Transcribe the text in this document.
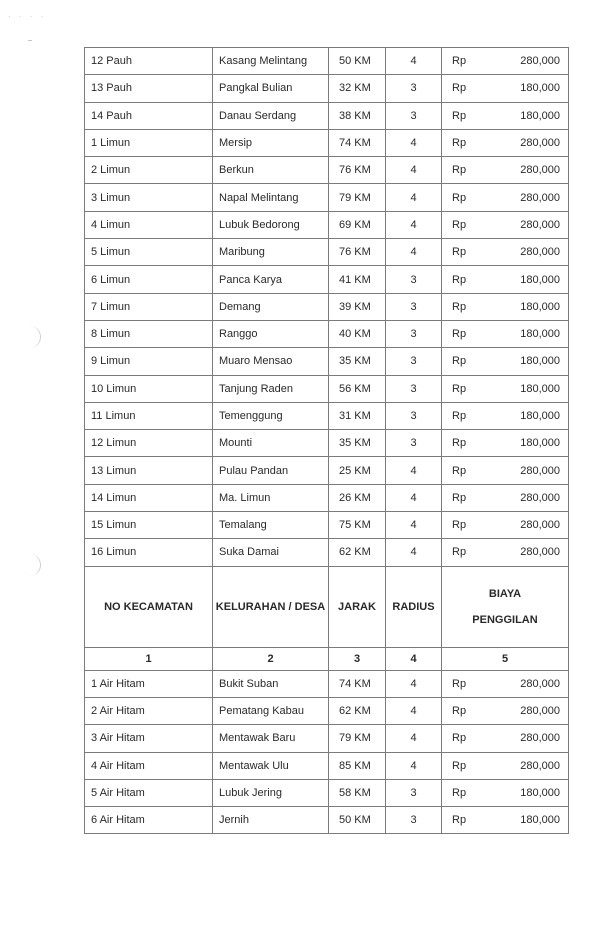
· · · ·
12 Pauh	Kasang Melintang	50 KM	4	Rp 280,000

13 Pauh	Pangkal Bulian	32 KM	3	Rp 180,000

14 Pauh	Danau Serdang	38 KM	3	Rp 180,000

1 Limun	Mersip	74 KM	4	Rp 280,000

2 Limun	Berkun	76 KM	4	Rp 280,000

3 Limun	Napal Melintang	79 KM	4	Rp 280,000

4 Limun	Lubuk Bedorong	69 KM	4	Rp 280,000

5 Limun	Maribung	76 KM	4	Rp 280,000

6 Limun	Panca Karya	41 KM	3	Rp 180,000

7 Limun	Demang	39 KM	3	Rp 180,000

8 Limun	Ranggo	40 KM	3	Rp 180,000

9 Limun	Muaro Mensao	35 KM	3	Rp 180,000

10 Limun	Tanjung Raden	56 KM	3	Rp 180,000

11 Limun	Temenggung	31 KM	3	Rp 180,000

12 Limun	Mounti	35 KM	3	Rp 180,000

13 Limun	Pulau Pandan	25 KM	4	Rp 280,000

14 Limun	Ma. Limun	26 KM	4	Rp 280,000

15 Limun	Temalang	75 KM	4	Rp 280,000

16 Limun	Suka Damai	62 KM	4	Rp 280,000

NO KECAMATAN	KELURAHAN / DESA	JARAK	RADIUS	BIAYA
PENGGILAN

1	2	3	4	5
1 Air Hitam	Bukit Suban	74 KM	4	Rp 280,000

2 Air Hitam	Pematang Kabau	62 KM	4	Rp 280,000

3 Air Hitam	Mentawak Baru	79 KM	4	Rp 280,000

4 Air Hitam	Mentawak Ulu	85 KM	4	Rp 280,000

5 Air Hitam	Lubuk Jering	58 KM	3	Rp 180,000

6 Air Hitam	Jernih	50 KM	3	Rp 180,000
